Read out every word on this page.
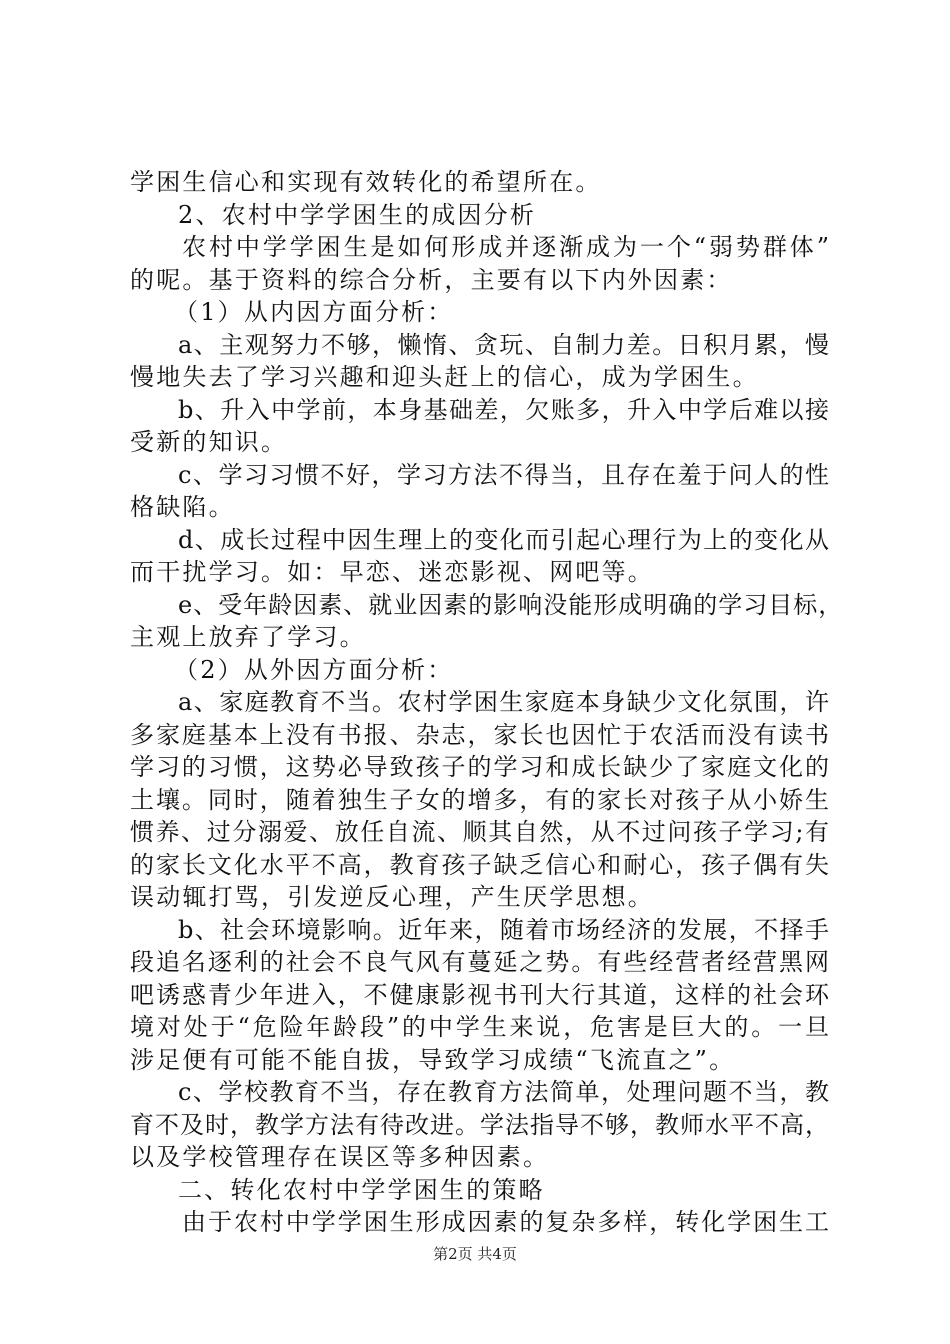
学困生信心和实现有效转化的希望所在。
2、农村中学学困生的成因分析
农村中学学困生是如何形成并逐渐成为一个“弱势群体”
的呢。基于资料的综合分析，主要有以下内外因素：
（1）从内因方面分析：
a、主观努力不够，懒惰、贪玩、自制力差。日积月累，慢
慢地失去了学习兴趣和迎头赶上的信心，成为学困生。
b、升入中学前，本身基础差，欠账多，升入中学后难以接
受新的知识。
c、学习习惯不好，学习方法不得当，且存在羞于问人的性
格缺陷。
d、成长过程中因生理上的变化而引起心理行为上的变化从
而干扰学习。如：早恋、迷恋影视、网吧等。
e、受年龄因素、就业因素的影响没能形成明确的学习目标，
主观上放弃了学习。
（2）从外因方面分析：
a、家庭教育不当。农村学困生家庭本身缺少文化氛围，许
多家庭基本上没有书报、杂志，家长也因忙于农活而没有读书
学习的习惯，这势必导致孩子的学习和成长缺少了家庭文化的
土壤。同时，随着独生子女的增多，有的家长对孩子从小娇生
惯养、过分溺爱、放任自流、顺其自然，从不过问孩子学习;有
的家长文化水平不高，教育孩子缺乏信心和耐心，孩子偶有失
误动辄打骂，引发逆反心理，产生厌学思想。
b、社会环境影响。近年来，随着市场经济的发展，不择手
段追名逐利的社会不良气风有蔓延之势。有些经营者经营黑网
吧诱惑青少年进入，不健康影视书刊大行其道，这样的社会环
境对处于“危险年龄段”的中学生来说，危害是巨大的。一旦
涉足便有可能不能自拔，导致学习成绩“飞流直之”。
c、学校教育不当，存在教育方法简单，处理问题不当，教
育不及时，教学方法有待改进。学法指导不够，教师水平不高，
以及学校管理存在误区等多种因素。
二、转化农村中学学困生的策略
由于农村中学学困生形成因素的复杂多样，转化学困生工
第2页 共4页
